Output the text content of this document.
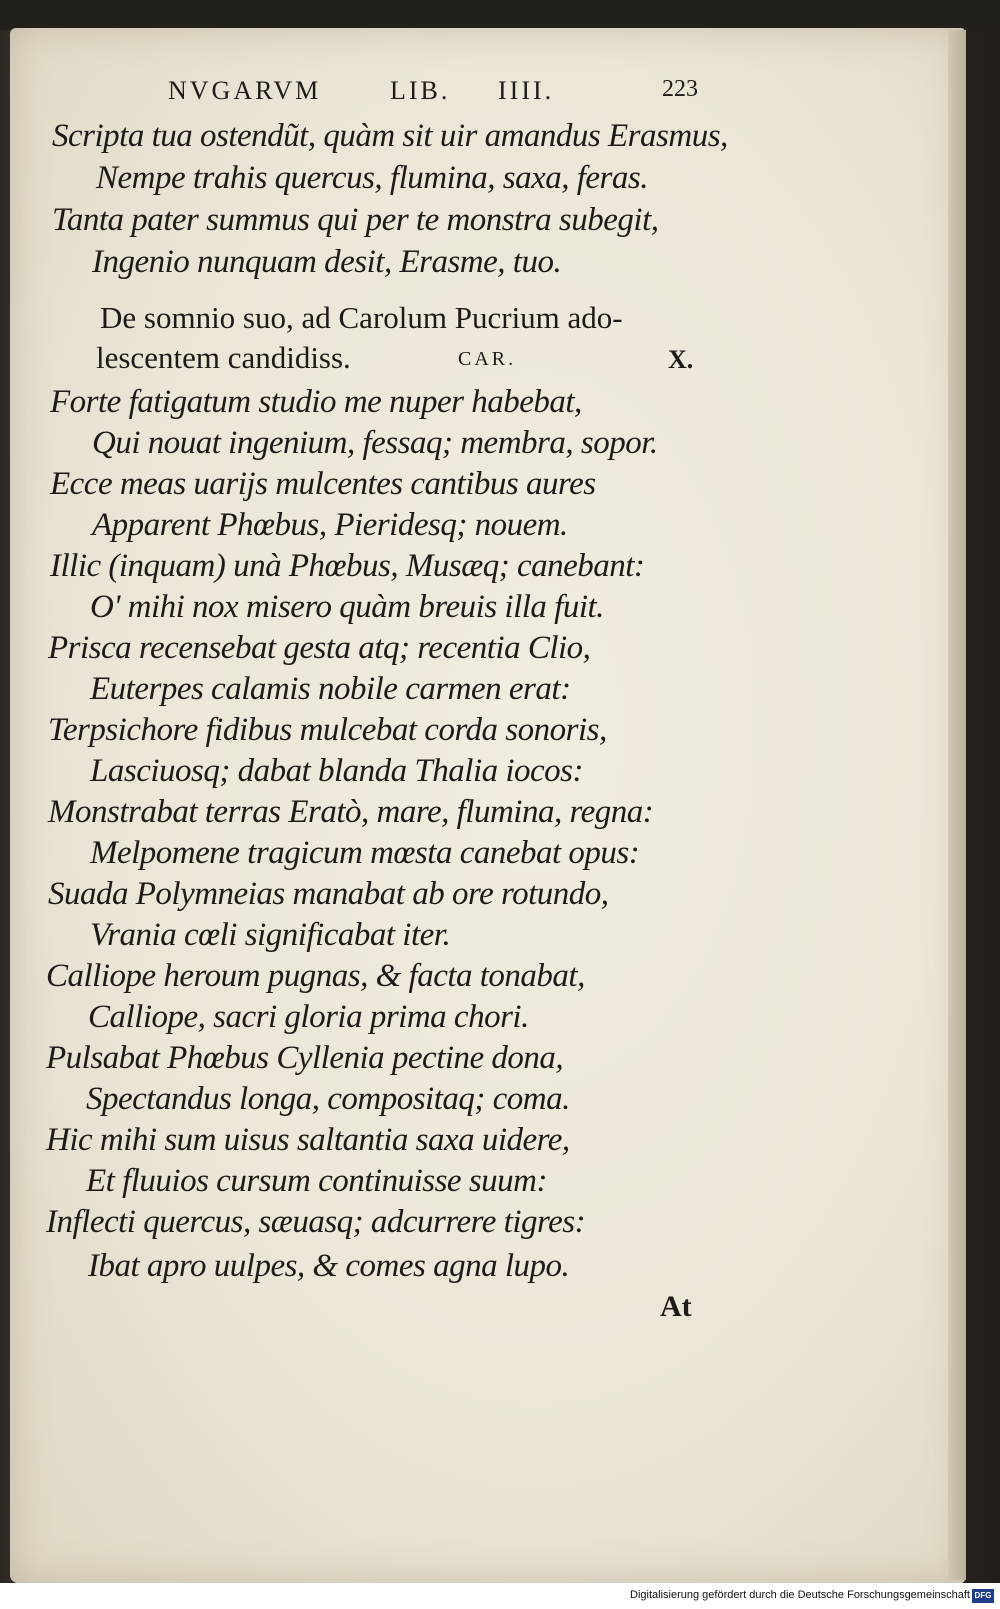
NVGARVM	LIB. IIII.	223
Scripta tua ostendũt, quàm sit uir amandus Erasmus,
Nempe trahis quercus, flumina, saxa, feras.
Tanta pater summus qui per te monstra subegit,
Ingenio nunquam desit, Erasme, tuo.
De somnio suo, ad Carolum Pucrium ado-
lescentem candidiss.	CAR.	X.
Forte fatigatum studio me nuper habebat,
Qui nouat ingenium, fessaq; membra, sopor.
Ecce meas uarijs mulcentes cantibus aures
Apparent Phœbus, Pieridesq; nouem.
Illic (inquam) unà Phœbus, Musæq; canebant:
O' mihi nox misero quàm breuis illa fuit.
Prisca recensebat gesta atq; recentia Clio,
Euterpes calamis nobile carmen erat:
Terpsichore fidibus mulcebat corda sonoris,
Lasciuosq; dabat blanda Thalia iocos:
Monstrabat terras Eratò, mare, flumina, regna:
Melpomene tragicum mœsta canebat opus:
Suada Polymneias manabat ab ore rotundo,
Vrania cœli significabat iter.
Calliope heroum pugnas, & facta tonabat,
Calliope, sacri gloria prima chori.
Pulsabat Phœbus Cyllenia pectine dona,
Spectandus longa, compositaq; coma.
Hic mihi sum uisus saltantia saxa uidere,
Et fluuios cursum continuisse suum:
Inflecti quercus, sæuasq; adcurrere tigres:
Ibat apro uulpes, & comes agna lupo.
At
Digitalisierung gefördert durch die Deutsche Forschungsgemeinschaft DFG
